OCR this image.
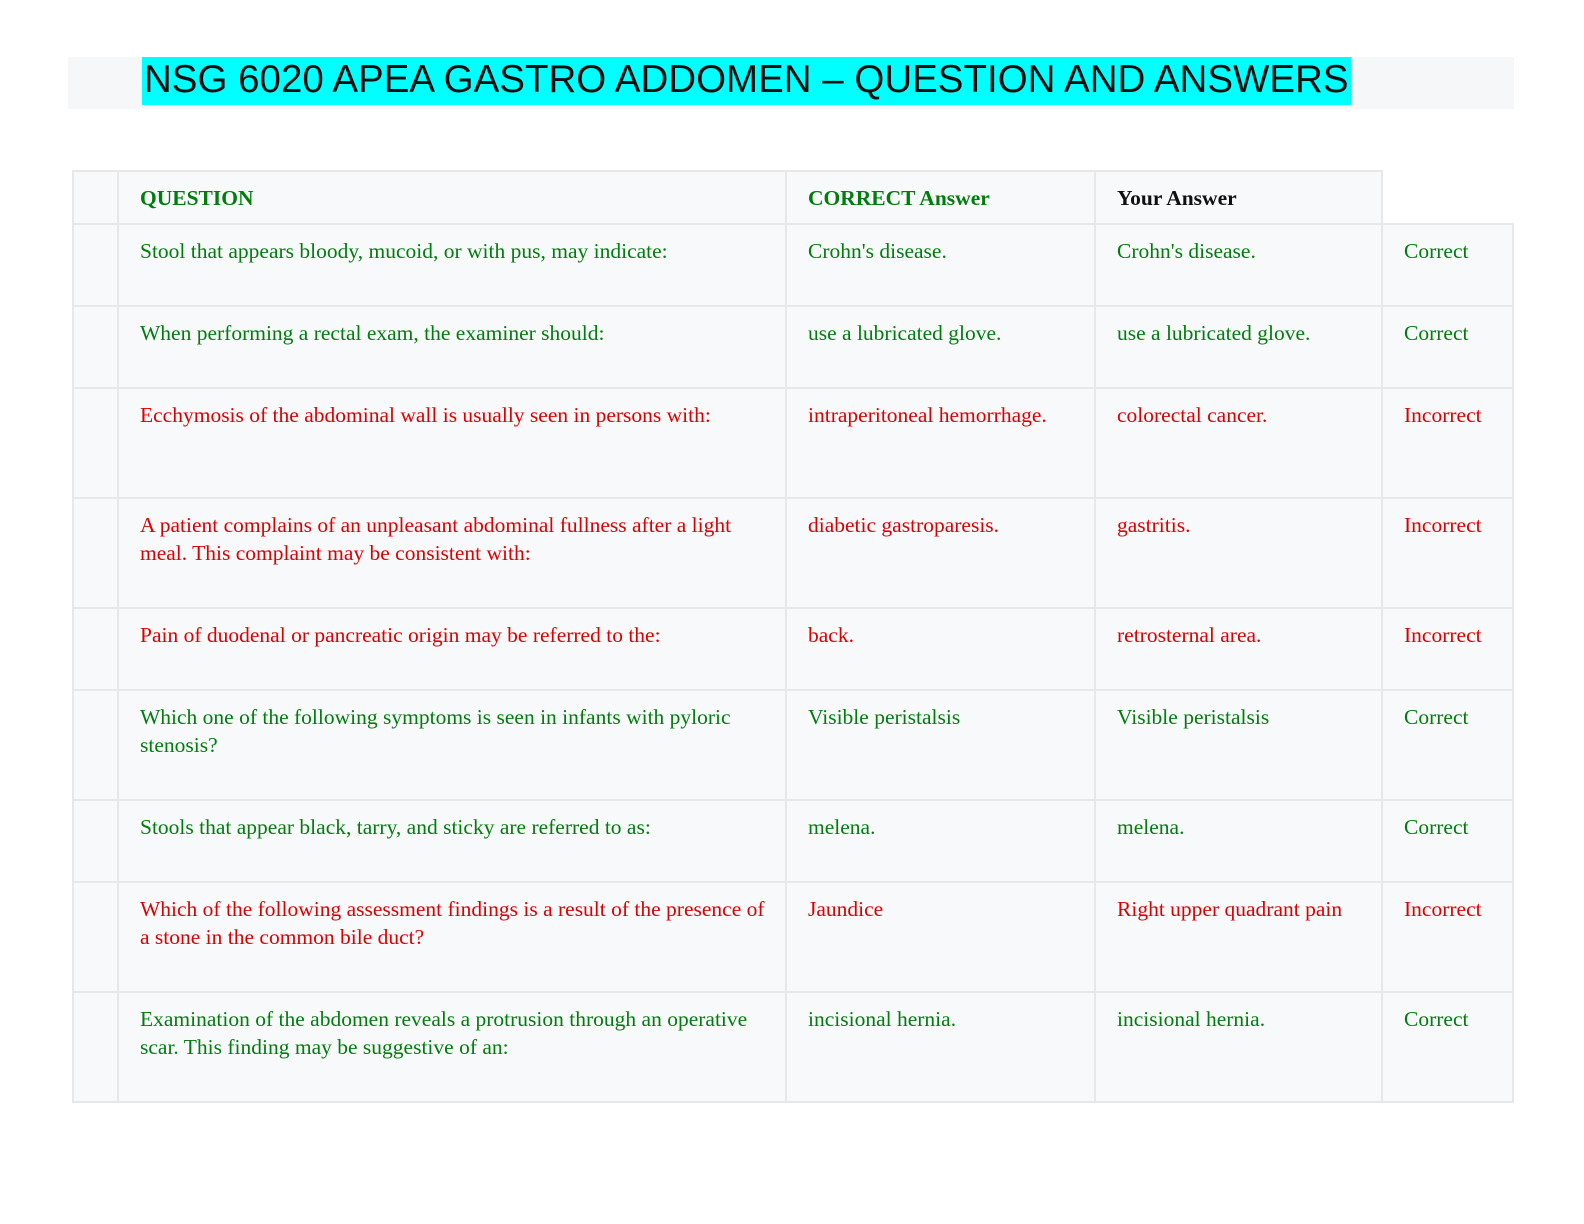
NSG 6020 APEA GASTRO ADDOMEN – QUESTION AND ANSWERS
	QUESTION	CORRECT Answer	Your Answer	
	Stool that appears bloody, mucoid, or with pus, may indicate:	Crohn's disease.	Crohn's disease.	Correct
	When performing a rectal exam, the examiner should:	use a lubricated glove.	use a lubricated glove.	Correct
	Ecchymosis of the abdominal wall is usually seen in persons with:	intraperitoneal hemorrhage.	colorectal cancer.	Incorrect
	A patient complains of an unpleasant abdominal fullness after a light meal. This complaint may be consistent with:	diabetic gastroparesis.	gastritis.	Incorrect
	Pain of duodenal or pancreatic origin may be referred to the:	back.	retrosternal area.	Incorrect
	Which one of the following symptoms is seen in infants with pyloric stenosis?	Visible peristalsis	Visible peristalsis	Correct
	Stools that appear black, tarry, and sticky are referred to as:	melena.	melena.	Correct
	Which of the following assessment findings is a result of the presence of a stone in the common bile duct?	Jaundice	Right upper quadrant pain	Incorrect
	Examination of the abdomen reveals a protrusion through an operative scar. This finding may be suggestive of an:	incisional hernia.	incisional hernia.	Correct
